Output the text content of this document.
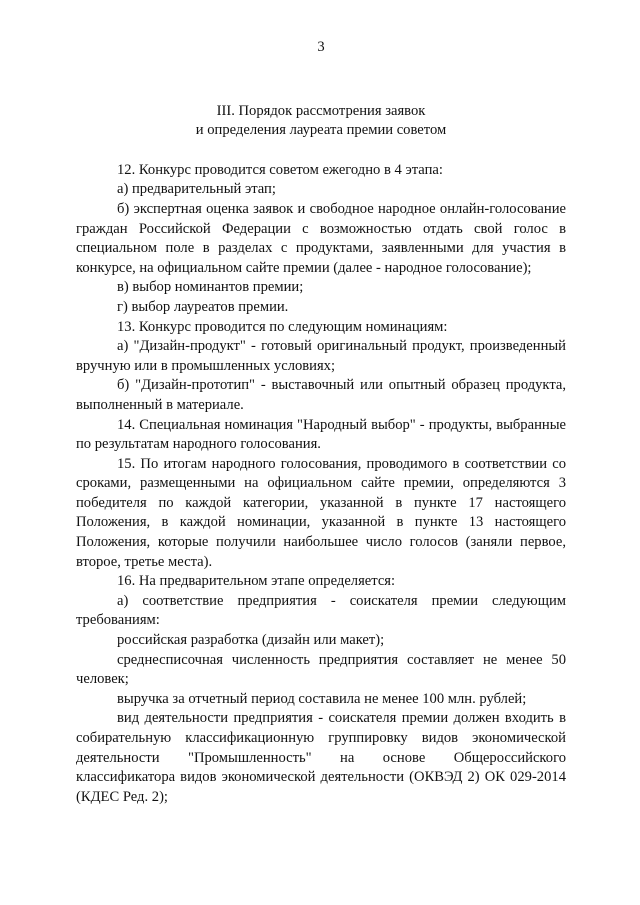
3
III. Порядок рассмотрения заявок
и определения лауреата премии советом

12. Конкурс проводится советом ежегодно в 4 этапа:

а) предварительный этап;

б) экспертная оценка заявок и свободное народное онлайн-голосование граждан Российской Федерации с возможностью отдать свой голос в специальном поле в разделах с продуктами, заявленными для участия в конкурсе, на официальном сайте премии (далее - народное голосование);

в) выбор номинантов премии;

г) выбор лауреатов премии.

13. Конкурс проводится по следующим номинациям:

а) "Дизайн-продукт" - готовый оригинальный продукт, произведенный вручную или в промышленных условиях;

б) "Дизайн-прототип" - выставочный или опытный образец продукта, выполненный в материале.

14. Специальная номинация "Народный выбор" - продукты, выбранные по результатам народного голосования.

15. По итогам народного голосования, проводимого в соответствии со сроками, размещенными на официальном сайте премии, определяются 3 победителя по каждой категории, указанной в пункте 17 настоящего Положения, в каждой номинации, указанной в пункте 13 настоящего Положения, которые получили наибольшее число голосов (заняли первое, второе, третье места).

16. На предварительном этапе определяется:

а) соответствие предприятия - соискателя премии следующим требованиям:

российская разработка (дизайн или макет);

среднесписочная численность предприятия составляет не менее 50 человек;

выручка за отчетный период составила не менее 100 млн. рублей;

вид деятельности предприятия - соискателя премии должен входить в собирательную классификационную группировку видов экономической деятельности "Промышленность" на основе Общероссийского классификатора видов экономической деятельности (ОКВЭД 2) ОК 029-2014 (КДЕС Ред. 2);
